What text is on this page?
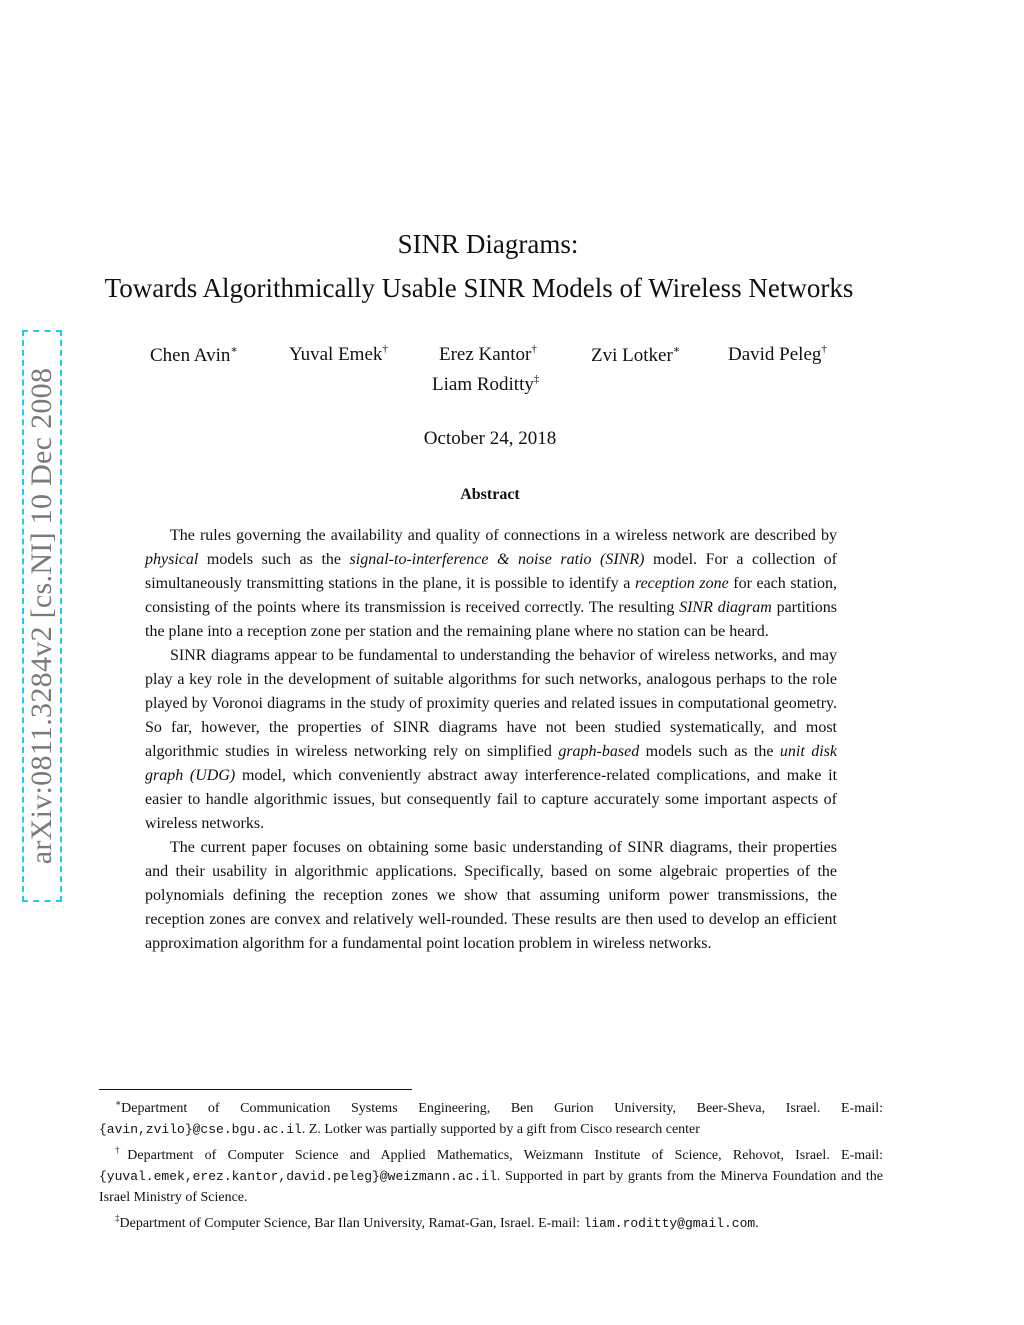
arXiv:0811.3284v2 [cs.NI] 10 Dec 2008
SINR Diagrams:
Towards Algorithmically Usable SINR Models of Wireless Networks
Chen Avin∗	Yuval Emek†	Erez Kantor†	Zvi Lotker∗	David Peleg†
Liam Roditty‡
October 24, 2018
Abstract

The rules governing the availability and quality of connections in a wireless network are described by physical models such as the signal-to-interference & noise ratio (SINR) model. For a collection of simultaneously transmitting stations in the plane, it is possible to identify a reception zone for each station, consisting of the points where its transmission is received correctly. The resulting SINR diagram partitions the plane into a reception zone per station and the remaining plane where no station can be heard.

SINR diagrams appear to be fundamental to understanding the behavior of wireless networks, and may play a key role in the development of suitable algorithms for such networks, analogous perhaps to the role played by Voronoi diagrams in the study of proximity queries and related issues in computational geometry. So far, however, the properties of SINR diagrams have not been studied systematically, and most algorithmic studies in wireless networking rely on simplified graph-based models such as the unit disk graph (UDG) model, which conveniently abstract away interference-related complications, and make it easier to handle algorithmic issues, but consequently fail to capture accurately some important aspects of wireless networks.

The current paper focuses on obtaining some basic understanding of SINR diagrams, their properties and their usability in algorithmic applications. Specifically, based on some algebraic properties of the polynomials defining the reception zones we show that assuming uniform power transmissions, the reception zones are convex and relatively well-rounded. These results are then used to develop an efficient approximation algorithm for a fundamental point location problem in wireless networks.

∗Department of Communication Systems Engineering, Ben Gurion University, Beer-Sheva, Israel. E-mail:{avin,zvilo}@cse.bgu.ac.il. Z. Lotker was partially supported by a gift from Cisco research center

†Department of Computer Science and Applied Mathematics, Weizmann Institute of Science, Rehovot, Israel. E-mail: {yuval.emek,erez.kantor,david.peleg}@weizmann.ac.il. Supported in part by grants from the Minerva Foundation and the Israel Ministry of Science.

‡Department of Computer Science, Bar Ilan University, Ramat-Gan, Israel. E-mail: liam.roditty@gmail.com.
